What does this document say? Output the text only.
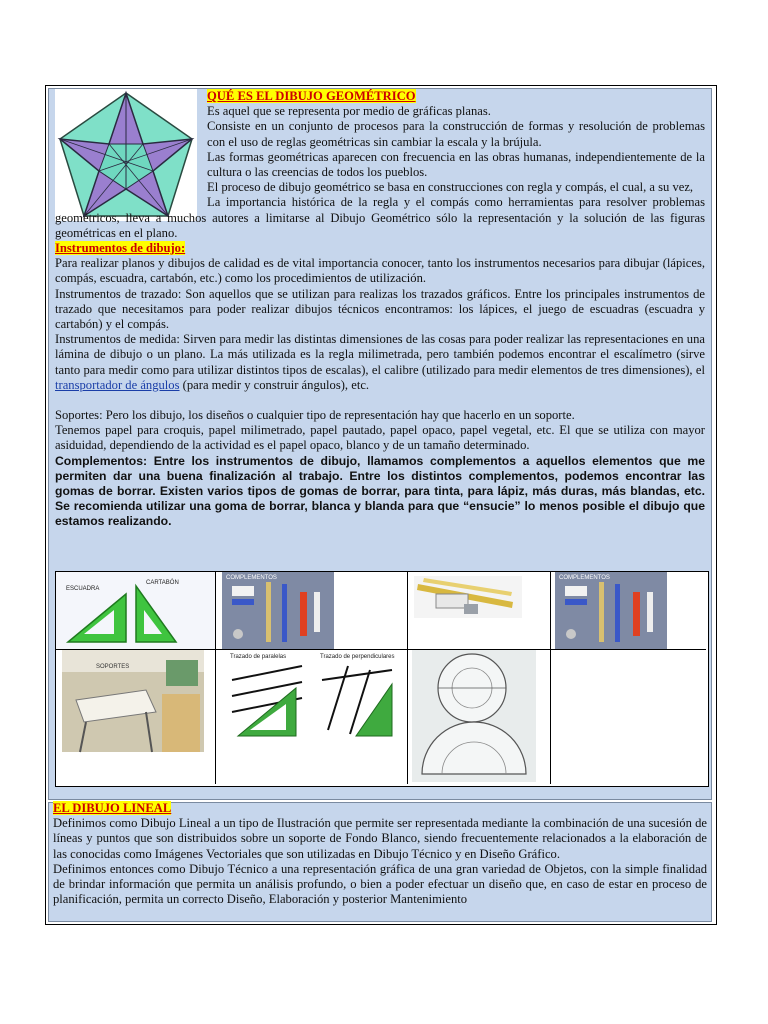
QUÉ ES EL DIBUJO GEOMÉTRICO

Es aquel que se representa por medio de gráficas planas.

Consiste en un conjunto de procesos para la construcción de formas y resolución de problemas con el uso de reglas geométricas sin cambiar la escala y la brújula.

Las formas geométricas aparecen con frecuencia en las obras humanas, independientemente de la cultura o las creencias de todos los pueblos.

El proceso de dibujo geométrico se basa en construcciones con regla y compás, el cual, a su vez,

La importancia histórica de la regla y el compás como herramientas para resolver problemas geométricos, lleva a muchos autores a limitarse al Dibujo Geométrico sólo la representación y la solución de las figuras geométricas en el plano.

Instrumentos de dibujo:

Para realizar planos y dibujos de calidad es de vital importancia conocer, tanto los instrumentos necesarios para dibujar (lápices, compás, escuadra, cartabón, etc.) como los procedimientos de utilización.

Instrumentos de trazado: Son aquellos que se utilizan para realizas los trazados gráficos. Entre los principales instrumentos de trazado que necesitamos para poder realizar dibujos técnicos encontramos: los lápices, el juego de escuadras (escuadra y cartabón) y el compás.

Instrumentos de medida: Sirven para medir las distintas dimensiones de las cosas para poder realizar las representaciones en una lámina de dibujo o un plano. La más utilizada es la regla milimetrada, pero también podemos encontrar el escalímetro (sirve tanto para medir como para utilizar distintos tipos de escalas), el calibre (utilizado para medir elementos de tres dimensiones), el transportador de ángulos (para medir y construir ángulos), etc.

Soportes: Pero los dibujo, los diseños o cualquier tipo de representación hay que hacerlo en un soporte.

Tenemos papel para croquis, papel milimetrado, papel pautado, papel opaco, papel vegetal, etc. El que se utiliza con mayor asiduidad, dependiendo de la actividad es el papel opaco, blanco y de un tamaño determinado.

Complementos: Entre los instrumentos de dibujo, llamamos complementos a aquellos elementos que me permiten dar una buena finalización al trabajo. Entre los distintos complementos, podemos encontrar las gomas de borrar. Existen varios tipos de gomas de borrar, para tinta, para lápiz, más duras, más blandas, etc. Se recomienda utilizar una goma de borrar, blanca y blanda para que “ensucie” lo menos posible el dibujo que estamos realizando.

ESCUADRA
CARTABÓN
COMPLEMENTOS	COMPLEMENTOS
SOPORTES
Trazado de paralelas	Trazado de perpendiculares

EL DIBUJO LINEAL

Definimos como Dibujo Lineal a un tipo de Ilustración que permite ser representada mediante la combinación de una sucesión de líneas y puntos que son distribuidos sobre un soporte de Fondo Blanco, siendo frecuentemente relacionados a la elaboración de las conocidas como Imágenes Vectoriales que son utilizadas en Dibujo Técnico y en Diseño Gráfico.

Definimos entonces como Dibujo Técnico a una representación gráfica de una gran variedad de Objetos, con la simple finalidad de brindar información que permita un análisis profundo, o bien a poder efectuar un diseño que, en caso de estar en proceso de planificación, permita un correcto Diseño, Elaboración y posterior Mantenimiento
